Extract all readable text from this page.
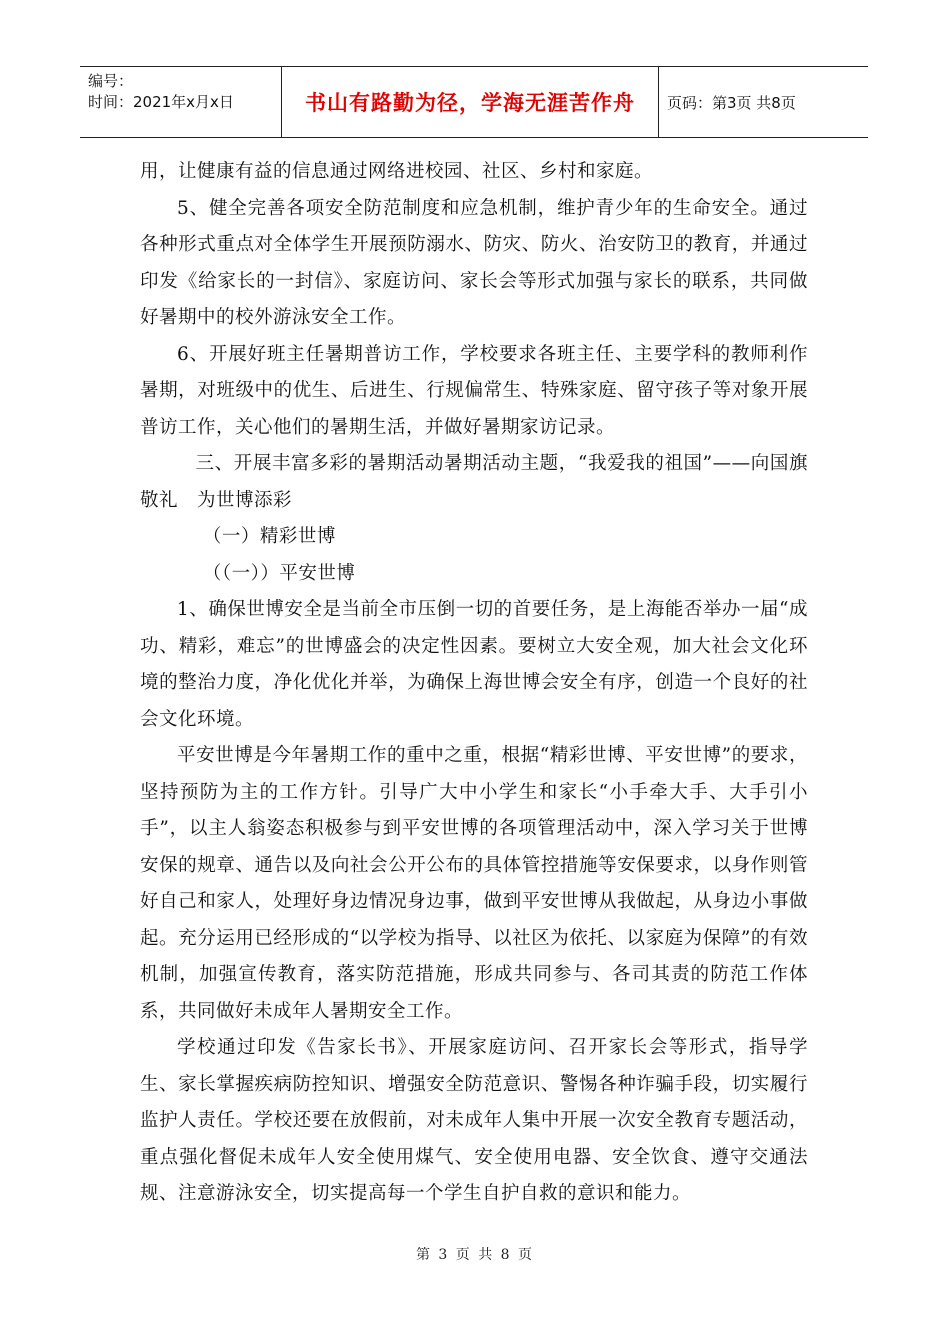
编号：
时间：2021年x月x日	书山有路勤为径，学海无涯苦作舟	页码：第3页 共8页

用，让健康有益的信息通过网络进校园、社区、乡村和家庭。

5、健全完善各项安全防范制度和应急机制，维护青少年的生命安全。通过各种形式重点对全体学生开展预防溺水、防灾、防火、治安防卫的教育，并通过印发《给家长的一封信》、家庭访问、家长会等形式加强与家长的联系，共同做好暑期中的校外游泳安全工作。

6、开展好班主任暑期普访工作，学校要求各班主任、主要学科的教师利作暑期，对班级中的优生、后进生、行规偏常生、特殊家庭、留守孩子等对象开展普访工作，关心他们的暑期生活，并做好暑期家访记录。

三、开展丰富多彩的暑期活动暑期活动主题，“我爱我的祖国”——向国旗敬礼　为世博添彩

（一）精彩世博

（（一））平安世博

1、确保世博安全是当前全市压倒一切的首要任务，是上海能否举办一届“成功、精彩，难忘”的世博盛会的决定性因素。要树立大安全观，加大社会文化环境的整治力度，净化优化并举，为确保上海世博会安全有序，创造一个良好的社会文化环境。

平安世博是今年暑期工作的重中之重，根据“精彩世博、平安世博”的要求，坚持预防为主的工作方针。引导广大中小学生和家长“小手牵大手、大手引小手”，以主人翁姿态积极参与到平安世博的各项管理活动中，深入学习关于世博安保的规章、通告以及向社会公开公布的具体管控措施等安保要求，以身作则管好自己和家人，处理好身边情况身边事，做到平安世博从我做起，从身边小事做起。充分运用已经形成的“以学校为指导、以社区为依托、以家庭为保障”的有效机制，加强宣传教育，落实防范措施，形成共同参与、各司其责的防范工作体系，共同做好未成年人暑期安全工作。

学校通过印发《告家长书》、开展家庭访问、召开家长会等形式，指导学生、家长掌握疾病防控知识、增强安全防范意识、警惕各种诈骗手段，切实履行监护人责任。学校还要在放假前，对未成年人集中开展一次安全教育专题活动，重点强化督促未成年人安全使用煤气、安全使用电器、安全饮食、遵守交通法规、注意游泳安全，切实提高每一个学生自护自救的意识和能力。

第 3 页 共 8 页
